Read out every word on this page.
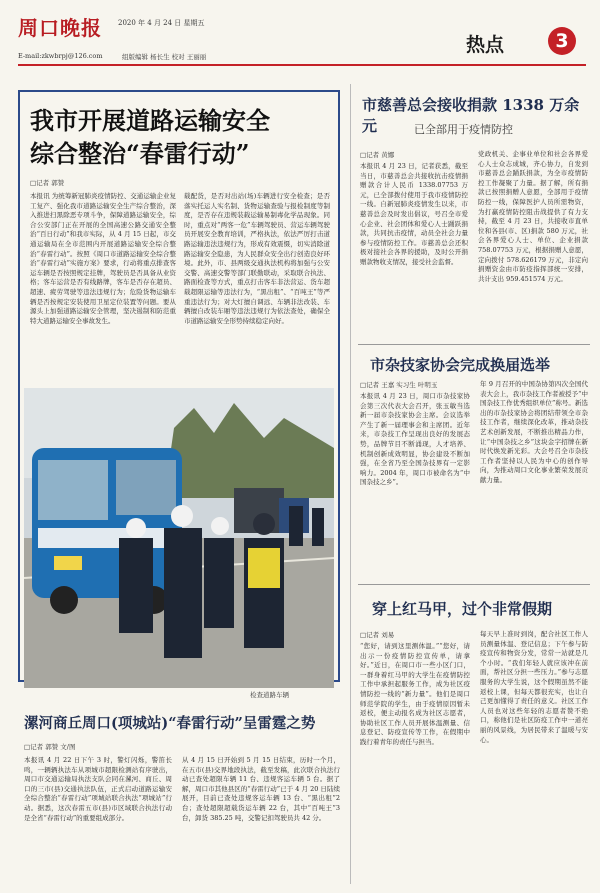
周口晚报 2020 年 4 月 24 日 星期五
E-mail:zkwbrpj@126.com	组版编辑 杨长生 校对 王丽丽
热点	3
我市开展道路运输安全
综合整治“春雷行动”
□记者 郭赞
本报讯 为统筹新冠肺炎疫情防控、交通运输企业复工复产、强化我市道路运输安全生产综合整治，深入推进扫黑除恶专项斗争，保障道路运输安全，综合公安部门正在开展的全国高速公路交通安全整治“百日行动”和我市实际，从 4 月 15 日起，市交通运输局在全市范围内开展道路运输安全综合整治“春雷行动”。按照《周口市道路运输安全综合整治“春雷行动”实施方案》要求，行动将重点排查客运车辆是否按照规定挂牌，驾驶员是否具备从业资格；客车运营是否有线路牌，客车是否存在超员、超速、疲劳驾驶等违法违规行为；危险货物运输车辆是否按规定安装使用卫星定位装置等问题。要从源头上加强道路运输安全管理，坚决遏制和防范重特大道路运输安全事故发生。
载配货，是否对出站(场)车辆进行安全检查；是否落实托运人实名制、货物运输查验与报检制度等制度，是否存在违规装载运输易制毒化学品现象。同时，重点对“两客一危”车辆驾驶员、营运车辆驾驶员开展安全教育培训，严格执法，依法严厉打击道路运输违法违规行为，形成有效震慑，切实消除道路运输安全隐患，为人民群众安全出行创造良好环境。此外，市、县两级交通执法机构将加强与公安交警、高速交警等部门联勤联动，采取联合执法、路面检查等方式，重点打击客车非法营运、货车超载超限运输等违法行为，“黑出租”、“百吨王”等严重违法行为；对大灯擅自调远、车辆非法改装、车辆擅自改装车厢等违法违规行为依法查处，确保全市道路运输安全形势持续稳定向好。
检查道路车辆
漯河商丘周口(项城站)“春雷行动”呈雷霆之势
□记者 郭赞 文/图
本报讯 4 月 22 日下午 3 时，警灯闪烁，警笛长鸣，一辆辆执法车从项城市超限检测站有序驶出，周口市交通运输局执法支队会同在漯河、商丘、周口的三市(县)交通执法队伍，正式启动道路运输安全综合整治“春雷行动”项城站联合执法“项城站”行动。据悉，这次春雷五市(县)市区域联合执法行动是全省“春雷行动”的重要组成部分。
从 4 月 15 日开始到 5 月 15 日结束，历时一个月，在五市(县)交界地段执法，截至发稿，此次联合执法行动已查处超限车辆 11 台、违规客运车辆 5 台。据了解，周口市其他县区的“春雷行动”已于 4 月 20 日陆续展开，目前已查处违规客运车辆 13 台、“黑出租”2 台；查处超限超载货运车辆 22 台，其中“百吨王”3 台，卸货 385.25 吨，交警记扣驾驶员共 42 分。
市慈善总会接收捐款 1338 万余元	已全部用于疫情防控
□记者 黄娜
本报讯 4 月 23 日，记者获悉，截至当日，市慈善总会共接收抗击疫情捐赠款合计人民币 1338.07753 万元，已全部拨付使用于我市疫情防控一线。自新冠肺炎疫情发生以来，市慈善总会及时发出倡议，号召全市爱心企业、社会团体和爱心人士踊跃捐款，共同抗击疫情，动员全社会力量参与疫情防控工作。市慈善总会还积极对接社会各界的援助，及时公开捐赠款物收支情况，接受社会监督。
党政机关、企事业单位和社会各界爱心人士众志成城，齐心协力，自发到市慈善总会踊跃捐款，为全市疫情防控工作凝聚了力量。据了解，所有捐款已按照捐赠人意愿，全部用于疫情防控一线，保障医护人员所需物资，为打赢疫情防控阻击战提供了有力支持，截至 4 月 23 日，共接收市直单位和各县(市、区)捐款 580 万元，社会各界爱心人士、单位、企业捐款 758.07753 万元，根据捐赠人意愿，定向拨付 578.626179 万元，非定向捐赠资金由市防疫指挥部统一安排，共计支出 959.451574 万元。
市杂技家协会完成换届选举
□记者 王嘉 实习生 叶明玉
本报讯 4 月 23 日，周口市杂技家协会第三次代表大会召开，张玉敏当选新一届市杂技家协会主席。会议选举产生了新一届理事会和主席团。近年来，市杂技工作呈现出良好的发展态势，品牌节目不断涌现，人才培养、机制创新成效明显，协会建设不断加强，在全省乃至全国杂技界有一定影响力。2004 年，周口市被命名为“中国杂技之乡”。
年 9 月召开的中国杂协第四次全国代表大会上，我市杂技工作者被授予“中国杂技工作优秀组织单位”称号。新选出的市杂技家协会将团结带领全市杂技工作者，继续深化改革，推动杂技艺术创新发展，不断推出精品力作，让“中国杂技之乡”这块金字招牌在新时代焕发新光彩。大会号召全市杂技工作者坚持以人民为中心的创作导向，为推动周口文化事业繁荣发展贡献力量。
穿上红马甲，过个非常假期
□记者 刘易
“您好，请到这里测体温。”“您好，请出示一份疫情防控宣传单，请拿好。”近日，在周口市一些小区门口，一群身着红马甲的大学生在疫情防控工作中承担起服务工作，成为社区疫情防控一线的“新力量”。他们是周口师范学院的学生，由于疫情原因暂未返校，便主动报名成为社区志愿者，协助社区工作人员开展体温测量、信息登记、防疫宣传等工作，在假期中践行着青年的责任与担当。
每天早上准时到岗，配合社区工作人员测量体温、登记信息；下午参与防疫宣传和物资分发，常常一站就是几个小时。“我们年轻人就应该冲在前面，帮社区分担一些压力。”参与志愿服务的大学生说，这个假期虽然不能返校上课，但每天都很充实，也让自己更加懂得了责任的意义。社区工作人员也对这些年轻的志愿者赞不绝口，称他们是社区防疫工作中一道亮丽的风景线，为居民带来了温暖与安心。
